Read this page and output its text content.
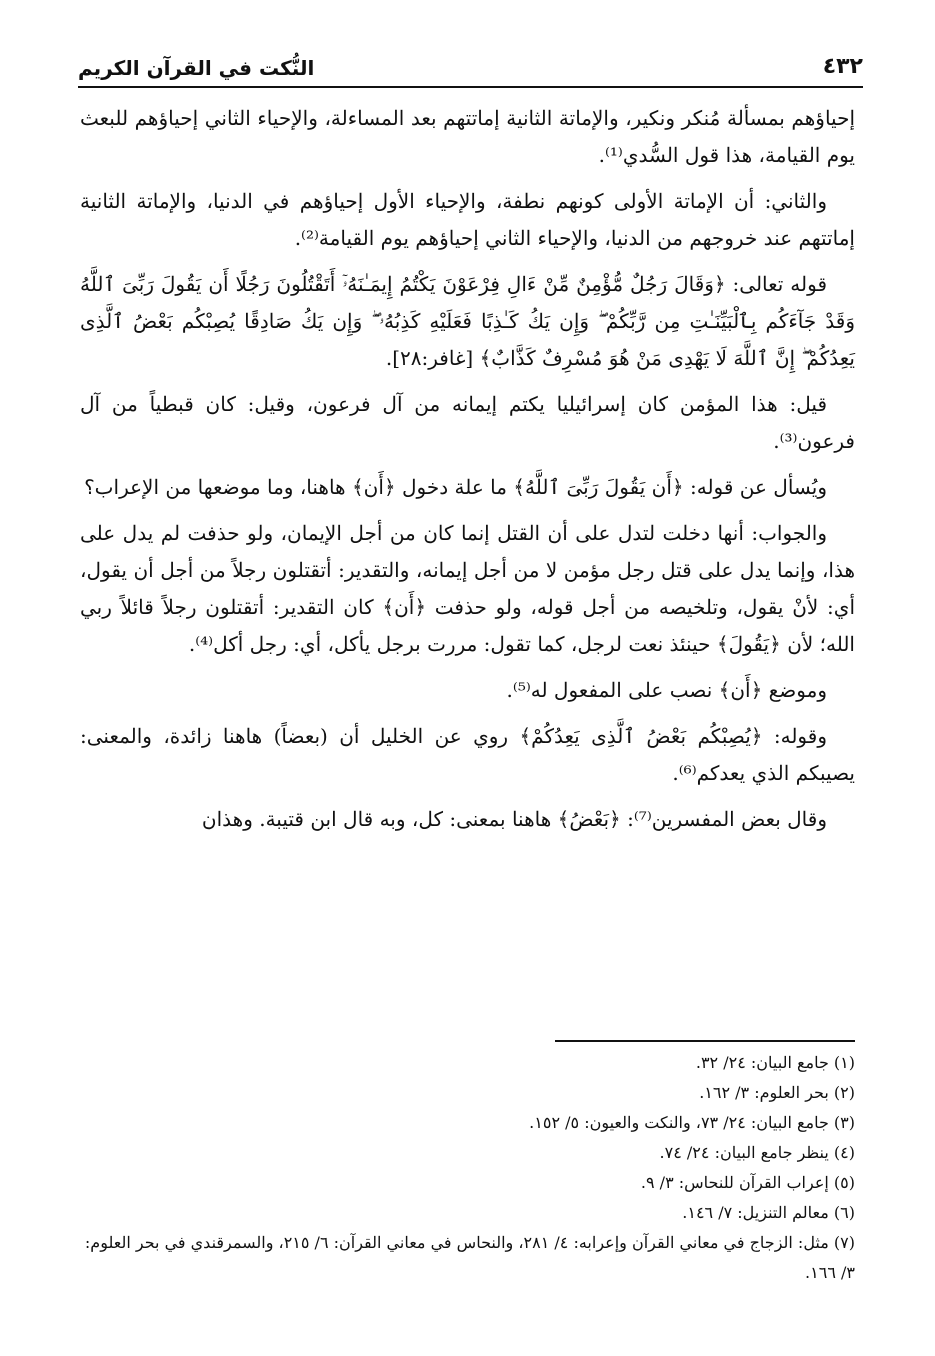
٤٣٢
النُّكت في القرآن الكريم

إحياؤهم بمسألة مُنكر ونكير، والإماتة الثانية إماتتهم بعد المساءلة، والإحياء الثاني إحياؤهم للبعث يوم القيامة، هذا قول السُّدي⁽¹⁾.

والثاني: أن الإماتة الأولى كونهم نطفة، والإحياء الأول إحياؤهم في الدنيا، والإماتة الثانية إماتتهم عند خروجهم من الدنيا، والإحياء الثاني إحياؤهم يوم القيامة⁽²⁾.

قوله تعالى: ﴿وَقَالَ رَجُلٌ مُّؤْمِنٌ مِّنْ ءَالِ فِرْعَوْنَ يَكْتُمُ إِيمَـٰنَهُۥٓ أَتَقْتُلُونَ رَجُلًا أَن يَقُولَ رَبِّىَ ٱللَّهُ وَقَدْ جَآءَكُم بِٱلْبَيِّنَـٰتِ مِن رَّبِّكُمْ ۖ وَإِن يَكُ كَـٰذِبًا فَعَلَيْهِ كَذِبُهُۥ ۖ وَإِن يَكُ صَادِقًا يُصِبْكُم بَعْضُ ٱلَّذِى يَعِدُكُمْ ۖ إِنَّ ٱللَّهَ لَا يَهْدِى مَنْ هُوَ مُسْرِفٌ كَذَّابٌ﴾ [غافر:٢٨].

قيل: هذا المؤمن كان إسرائيليا يكتم إيمانه من آل فرعون، وقيل: كان قبطياً من آل فرعون⁽³⁾.

ويُسأل عن قوله: ﴿أَن يَقُولَ رَبِّىَ ٱللَّهُ﴾ ما علة دخول ﴿أَن﴾ هاهنا، وما موضعها من الإعراب؟

والجواب: أنها دخلت لتدل على أن القتل إنما كان من أجل الإيمان، ولو حذفت لم يدل على هذا، وإنما يدل على قتل رجل مؤمن لا من أجل إيمانه، والتقدير: أتقتلون رجلاً من أجل أن يقول، أي: لأنْ يقول، وتلخيصه من أجل قوله، ولو حذفت ﴿أَن﴾ كان التقدير: أتقتلون رجلاً قائلاً ربي الله؛ لأن ﴿يَقُولَ﴾ حينئذ نعت لرجل، كما تقول: مررت برجل يأكل، أي: رجل أكل⁽⁴⁾.

وموضع ﴿أَن﴾ نصب على المفعول له⁽⁵⁾.

وقوله: ﴿يُصِبْكُم بَعْضُ ٱلَّذِى يَعِدُكُمْ﴾ روي عن الخليل أن (بعضاً) هاهنا زائدة، والمعنى: يصيبكم الذي يعدكم⁽⁶⁾.

وقال بعض المفسرين⁽⁷⁾: ﴿بَعْضُ﴾ هاهنا بمعنى: كل، وبه قال ابن قتيبة. وهذان

(١) جامع البيان: ٢٤/ ٣٢.

(٢) بحر العلوم: ٣/ ١٦٢.

(٣) جامع البيان: ٢٤/ ٧٣، والنكت والعيون: ٥/ ١٥٢.

(٤) ينظر جامع البيان: ٢٤/ ٧٤.

(٥) إعراب القرآن للنحاس: ٣/ ٩.

(٦) معالم التنزيل: ٧/ ١٤٦.

(٧) مثل: الزجاج في معاني القرآن وإعرابه: ٤/ ٢٨١، والنحاس في معاني القرآن: ٦/ ٢١٥، والسمرقندي في بحر العلوم: ٣/ ١٦٦.
